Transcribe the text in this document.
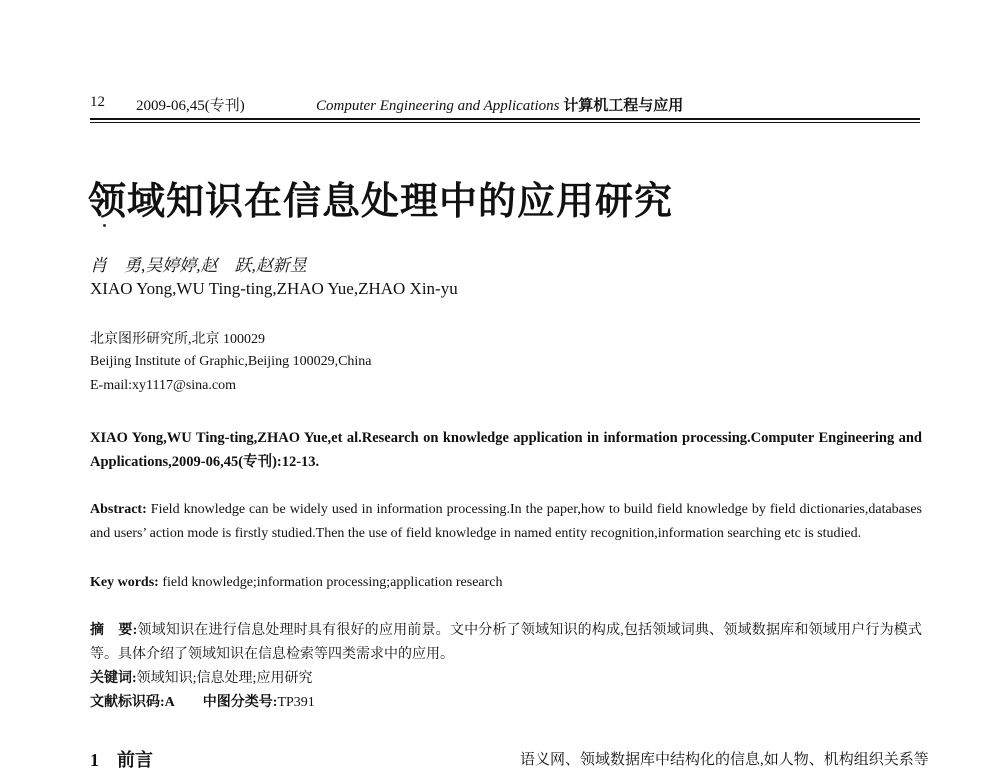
12 2009-06,45(专刊)	Computer Engineering and Applications 计算机工程与应用
领域知识在信息处理中的应用研究
肖　勇,吴婷婷,赵　跃,赵新昱
XIAO Yong,WU Ting-ting,ZHAO Yue,ZHAO Xin-yu
北京图形研究所,北京 100029
Beijing Institute of Graphic,Beijing 100029,China
E-mail:xy1117@sina.com
XIAO Yong,WU Ting-ting,ZHAO Yue,et al.Research on knowledge application in information processing.Computer Engineering and Applications,2009-06,45(专刊):12-13.
Abstract: Field knowledge can be widely used in information processing.In the paper,how to build field knowledge by field dictionaries,databases and users’ action mode is firstly studied.Then the use of field knowledge in named entity recognition,information searching etc is studied.
Key words: field knowledge;information processing;application research
摘　要:领域知识在进行信息处理时具有很好的应用前景。文中分析了领域知识的构成,包括领域词典、领域数据库和领域用户行为模式等。具体介绍了领域知识在信息检索等四类需求中的应用。
关键词:领域知识;信息处理;应用研究
文献标识码:A 中图分类号:TP391
1 前言	语义网、领域数据库中结构化的信息,如人物、机构组织关系等
